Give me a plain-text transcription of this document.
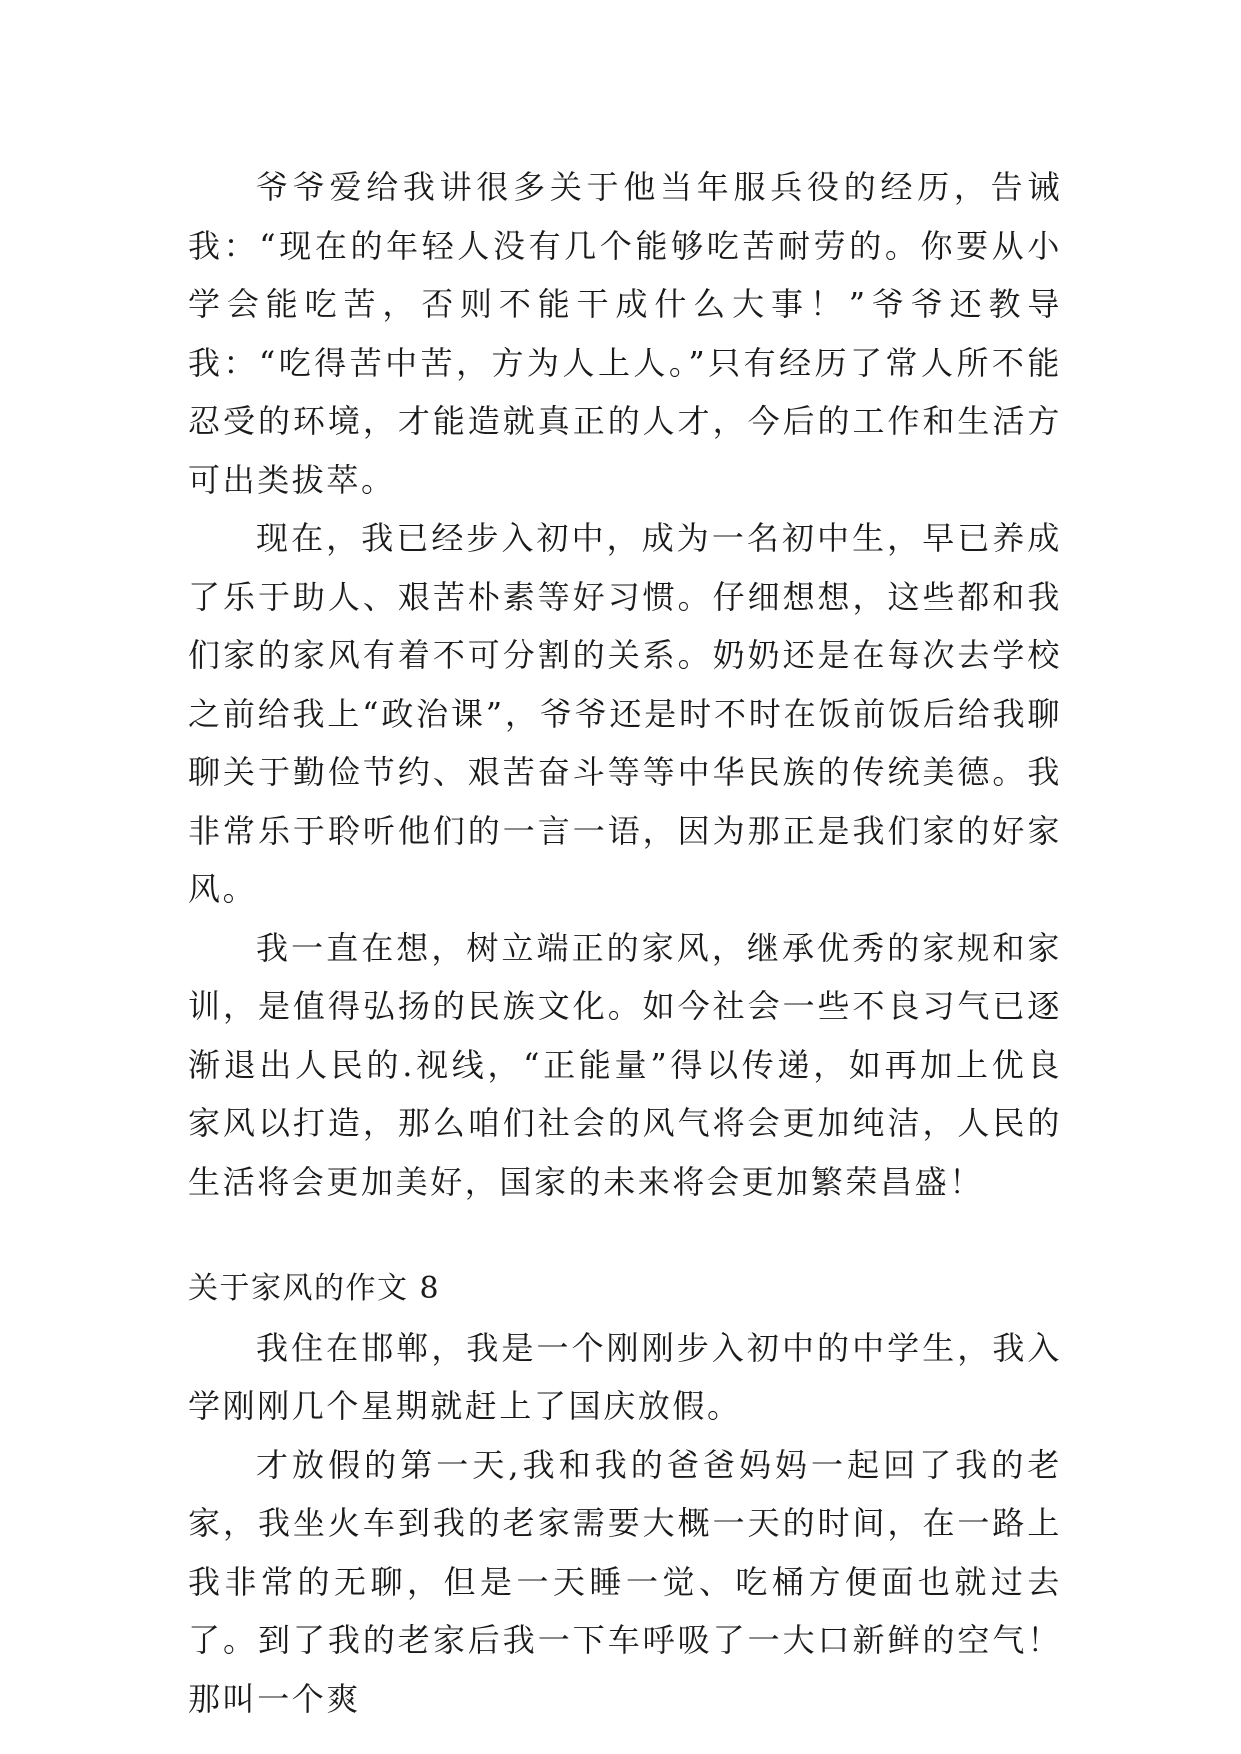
爷爷爱给我讲很多关于他当年服兵役的经历，告诫我：“现在的年轻人没有几个能够吃苦耐劳的。你要从小学会能吃苦，否则不能干成什么大事！”爷爷还教导我：“吃得苦中苦，方为人上人。”只有经历了常人所不能忍受的环境，才能造就真正的人才，今后的工作和生活方可出类拔萃。

现在，我已经步入初中，成为一名初中生，早已养成了乐于助人、艰苦朴素等好习惯。仔细想想，这些都和我们家的家风有着不可分割的关系。奶奶还是在每次去学校之前给我上“政治课”，爷爷还是时不时在饭前饭后给我聊聊关于勤俭节约、艰苦奋斗等等中华民族的传统美德。我非常乐于聆听他们的一言一语，因为那正是我们家的好家风。

我一直在想，树立端正的家风，继承优秀的家规和家训，是值得弘扬的民族文化。如今社会一些不良习气已逐渐退出人民的.视线，“正能量”得以传递，如再加上优良家风以打造，那么咱们社会的风气将会更加纯洁，人民的生活将会更加美好，国家的未来将会更加繁荣昌盛！

关于家风的作文 8

我住在邯郸，我是一个刚刚步入初中的中学生，我入学刚刚几个星期就赶上了国庆放假。

才放假的第一天,我和我的爸爸妈妈一起回了我的老家，我坐火车到我的老家需要大概一天的时间，在一路上我非常的无聊，但是一天睡一觉、吃桶方便面也就过去了。到了我的老家后我一下车呼吸了一大口新鲜的空气！那叫一个爽
